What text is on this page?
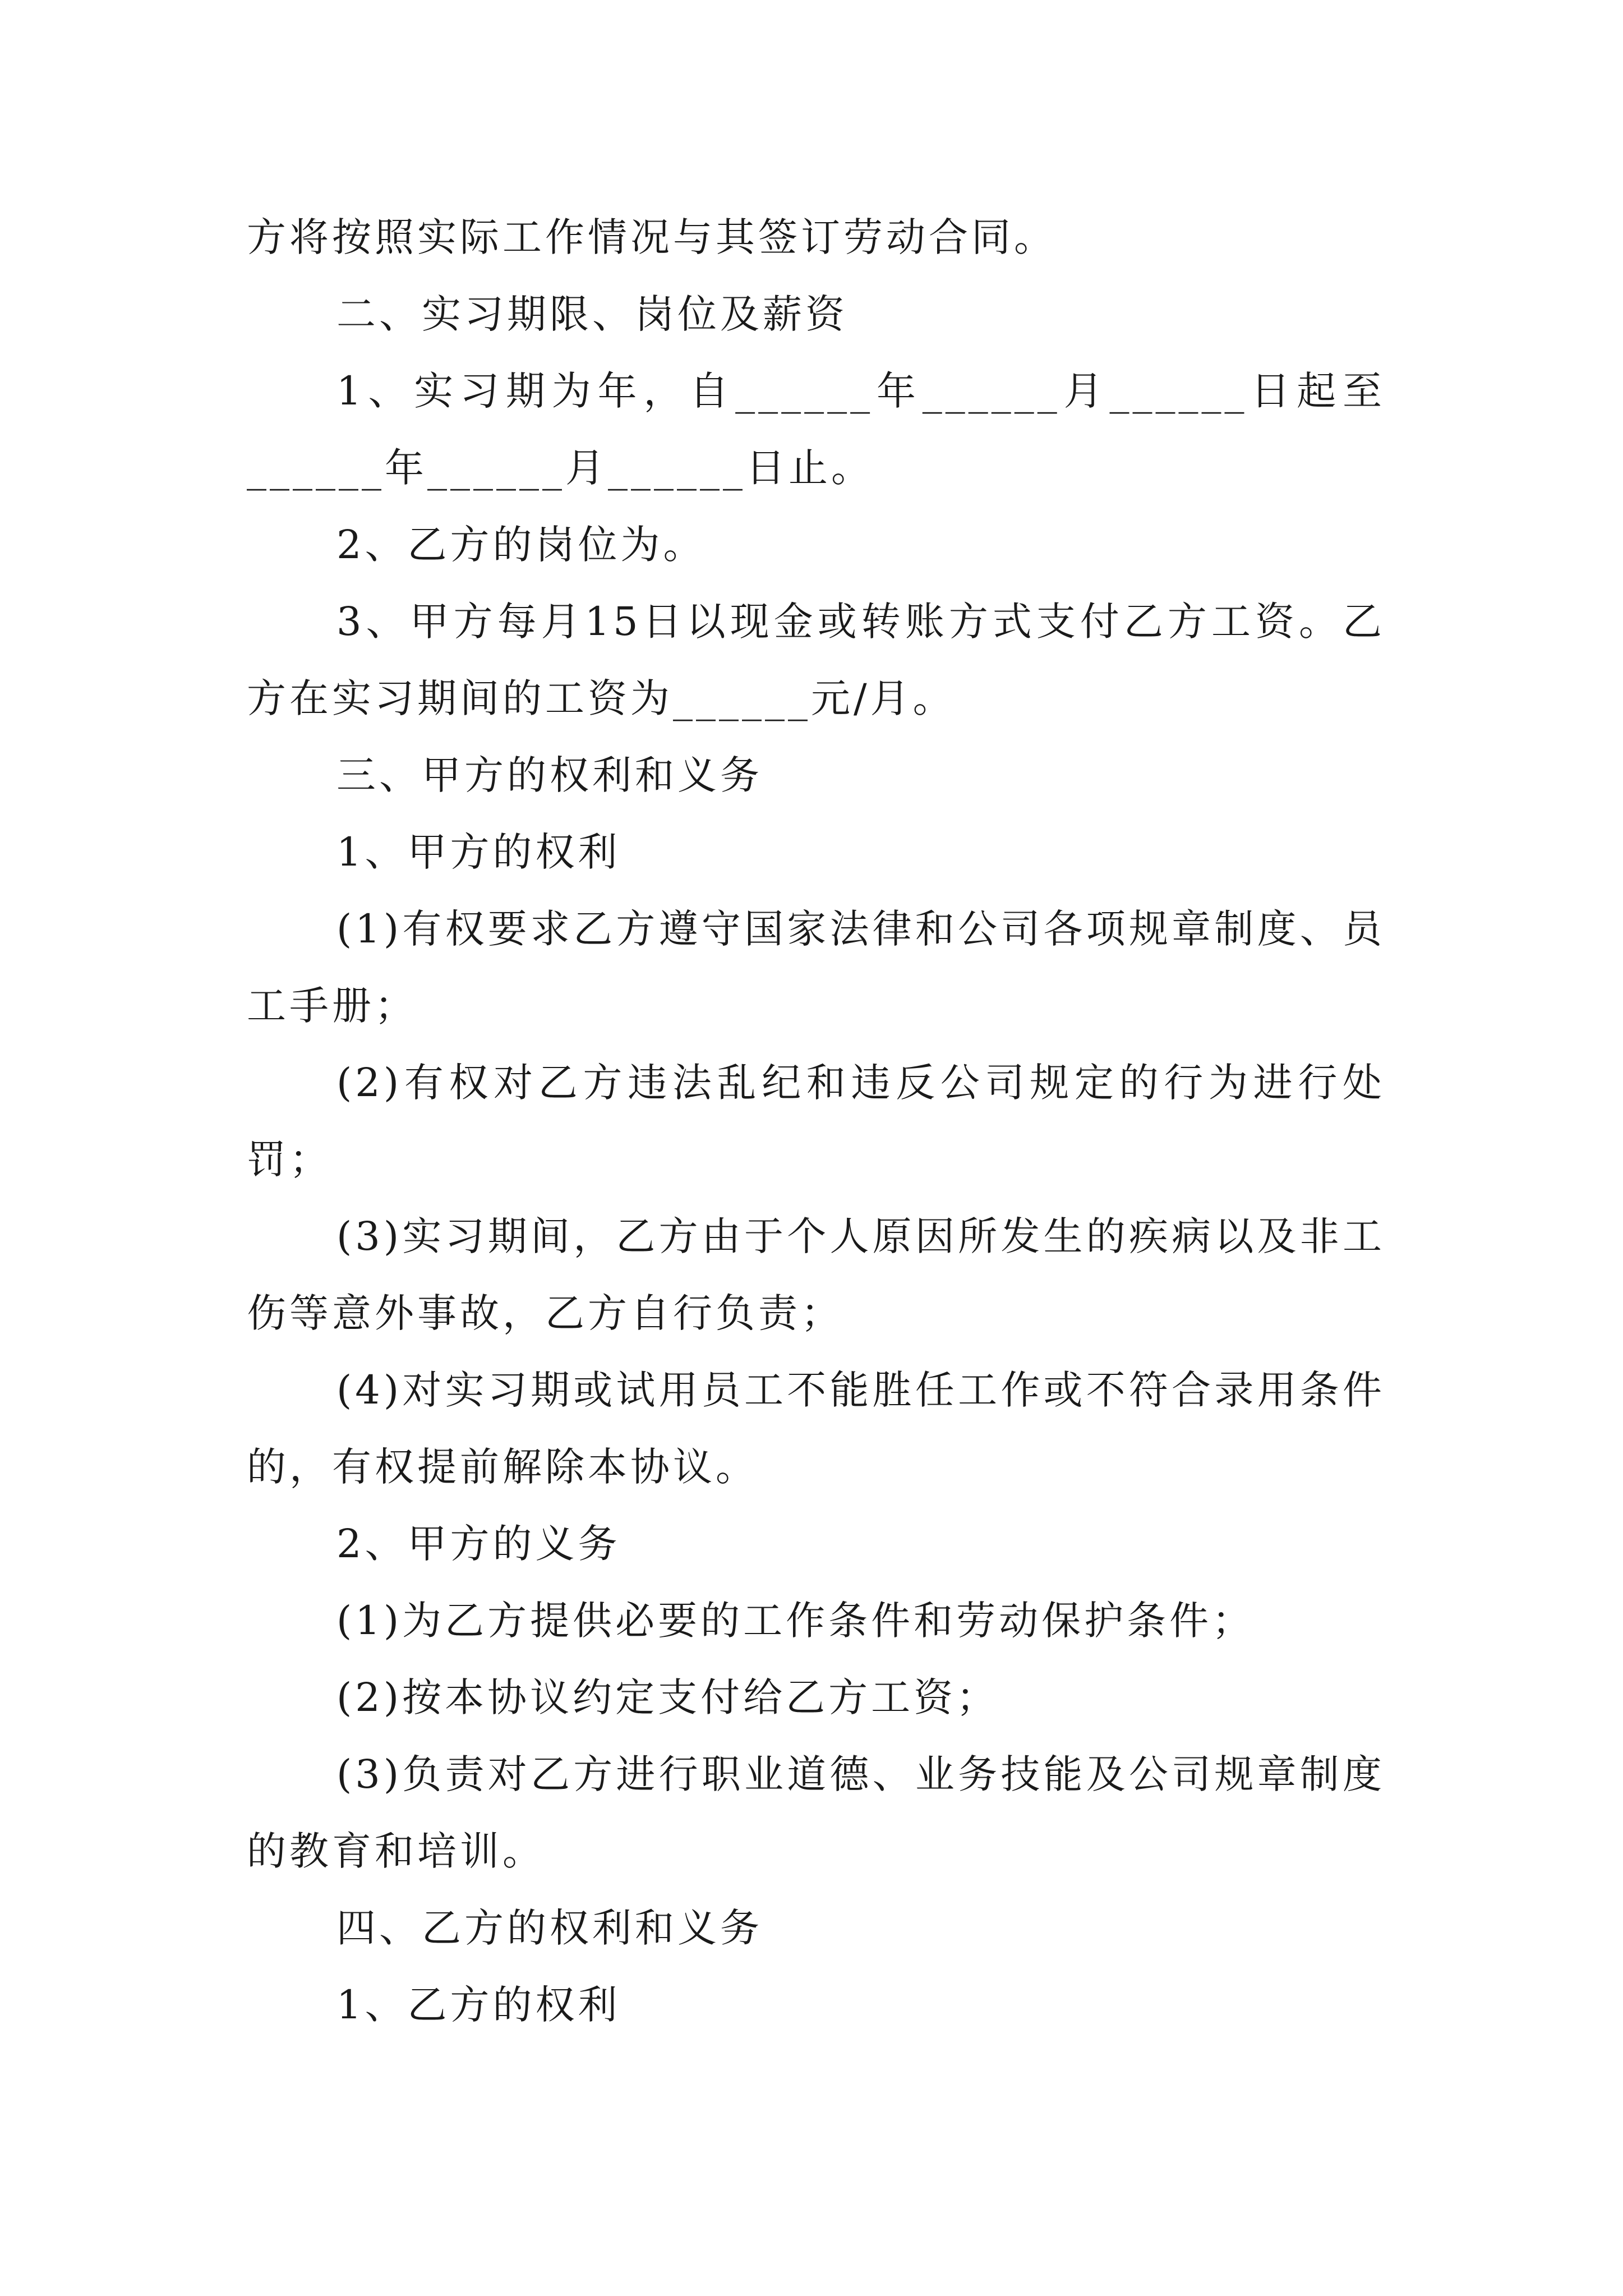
方将按照实际工作情况与其签订劳动合同。

二、实习期限、岗位及薪资

1、实习期为年，自______年______月______日起至______年______月______日止。

2、乙方的岗位为。

3、甲方每月15日以现金或转账方式支付乙方工资。乙方在实习期间的工资为______元/月。

三、甲方的权利和义务

1、甲方的权利

(1)有权要求乙方遵守国家法律和公司各项规章制度、员工手册；

(2)有权对乙方违法乱纪和违反公司规定的行为进行处罚；

(3)实习期间，乙方由于个人原因所发生的疾病以及非工伤等意外事故，乙方自行负责；

(4)对实习期或试用员工不能胜任工作或不符合录用条件的，有权提前解除本协议。

2、甲方的义务

(1)为乙方提供必要的工作条件和劳动保护条件；

(2)按本协议约定支付给乙方工资；

(3)负责对乙方进行职业道德、业务技能及公司规章制度的教育和培训。

四、乙方的权利和义务

1、乙方的权利
